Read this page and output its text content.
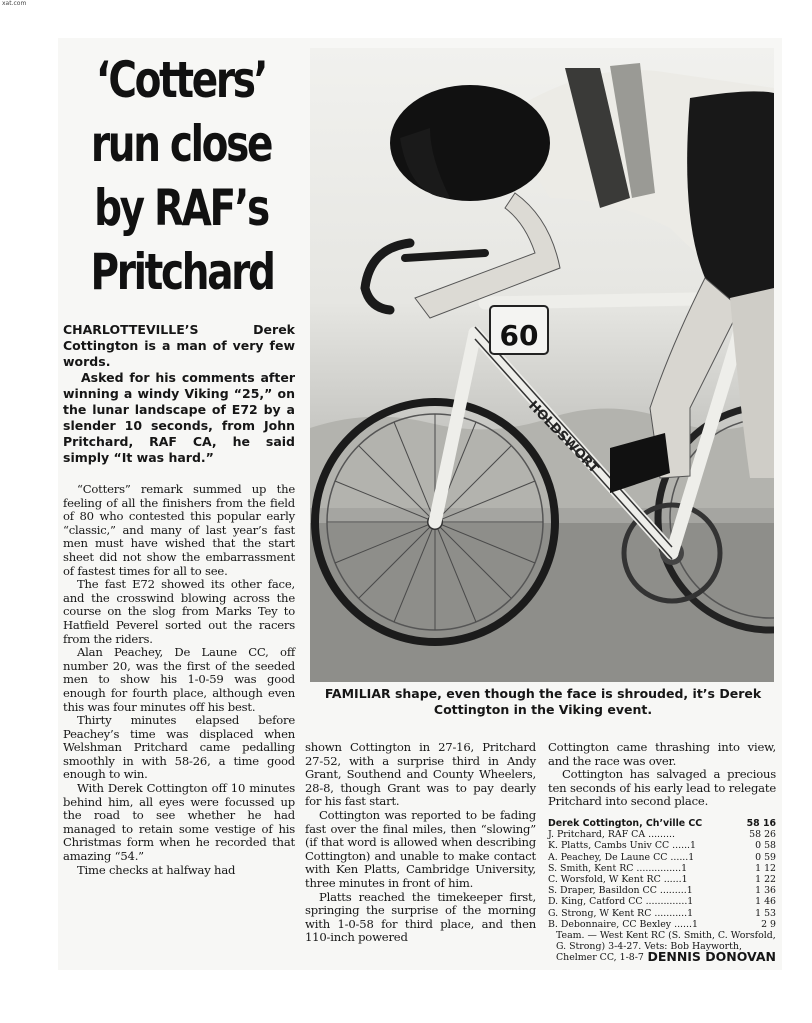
xat.com
‘Cotters’
run close
by RAF’s
Pritchard

CHARLOTTEVILLE’S Derek Cottington is a man of very few words.

Asked for his comments after winning a windy Viking “25,” on the lunar landscape of E72 by a slender 10 seconds, from John Pritchard, RAF CA, he said simply “It was hard.”

“Cotters” remark summed up the feeling of all the finishers from the field of 80 who contested this popular early “classic,” and many of last year’s fast men must have wished that the start sheet did not show the embarrassment of fastest times for all to see.

The fast E72 showed its other face, and the crosswind blowing across the course on the slog from Marks Tey to Hatfield Peverel sorted out the racers from the riders.

Alan Peachey, De Laune CC, off number 20, was the first of the seeded men to show his 1-0-59 was good enough for fourth place, although even this was four minutes off his best.

Thirty minutes elapsed before Peachey’s time was displaced when Welshman Pritchard came pedalling smoothly in with 58-26, a time good enough to win.

With Derek Cottington off 10 minutes behind him, all eyes were focussed up the road to see whether he had managed to retain some vestige of his Christmas form when he recorded that amazing “54.”

Time checks at halfway had

HOLDSWORT
60
FAMILIAR shape, even though the face is shrouded, it’s Derek Cottington in the Viking event.

shown Cottington in 27-16, Pritchard 27-52, with a surprise third in Andy Grant, Southend and County Wheelers, 28-8, though Grant was to pay dearly for his fast start.

Cottington was reported to be fading fast over the final miles, then “slowing” (if that word is allowed when describing Cottington) and unable to make contact with Ken Platts, Cambridge University, three minutes in front of him.

Platts reached the timekeeper first, springing the surprise of the morning with 1-0-58 for third place, and then 110-inch powered

Cottington came thrashing into view, and the race was over.

Cottington has salvaged a precious ten seconds of his early lead to relegate Pritchard into second place.

Derek Cottington, Ch’ville CC	58 16
J. Pritchard, RAF CA .........	58 26
K. Platts, Cambs Univ CC ......1	0 58
A. Peachey, De Laune CC ......1	0 59
S. Smith, Kent RC ...............1	1 12
C. Worsfold, W Kent RC ......1	1 22
S. Draper, Basildon CC .........1	1 36
D. King, Catford CC ..............1	1 46
G. Strong, W Kent RC ...........1	1 53
B. Debonnaire, CC Bexley ......1	2 9
Team. — West Kent RC (S. Smith, C. Worsfold, G. Strong) 3-4-27. Vets: Bob Hayworth, Chelmer CC, 1-8-7 DENNIS DONOVAN
